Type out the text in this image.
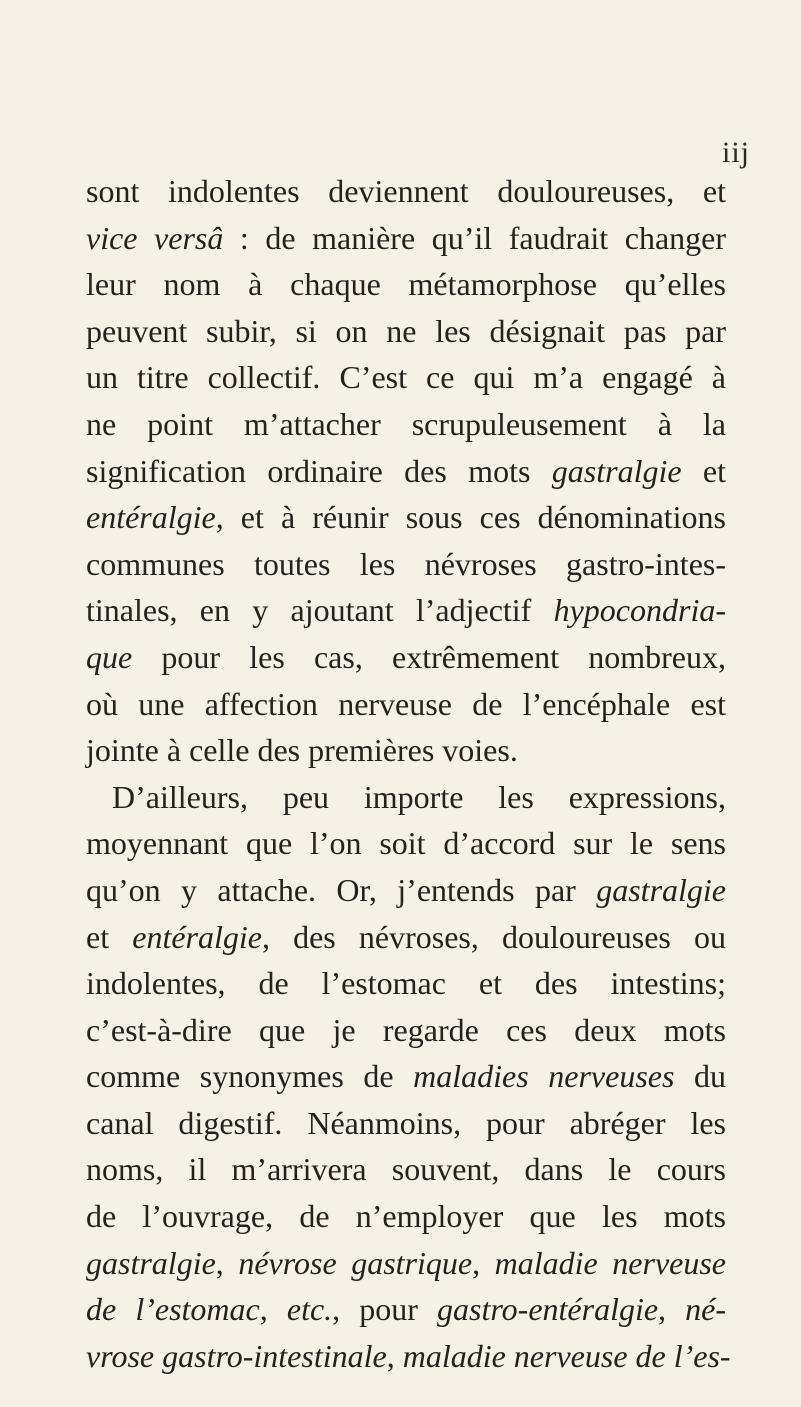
iij
sont indolentes deviennent douloureuses, et
vice versâ : de manière qu’il faudrait changer
leur nom à chaque métamorphose qu’elles
peuvent subir, si on ne les désignait pas par
un titre collectif. C’est ce qui m’a engagé à
ne point m’attacher scrupuleusement à la
signification ordinaire des mots gastralgie et
entéralgie, et à réunir sous ces dénominations
communes toutes les névroses gastro-intes-
tinales, en y ajoutant l’adjectif hypocondria-
que pour les cas, extrêmement nombreux,
où une affection nerveuse de l’encéphale est
jointe à celle des premières voies.
D’ailleurs, peu importe les expressions,
moyennant que l’on soit d’accord sur le sens
qu’on y attache. Or, j’entends par gastralgie
et entéralgie, des névroses, douloureuses ou
indolentes, de l’estomac et des intestins;
c’est-à-dire que je regarde ces deux mots
comme synonymes de maladies nerveuses du
canal digestif. Néanmoins, pour abréger les
noms, il m’arrivera souvent, dans le cours
de l’ouvrage, de n’employer que les mots
gastralgie, névrose gastrique, maladie nerveuse
de l’estomac, etc., pour gastro-entéralgie, né-
vrose gastro-intestinale, maladie nerveuse de l’es-
